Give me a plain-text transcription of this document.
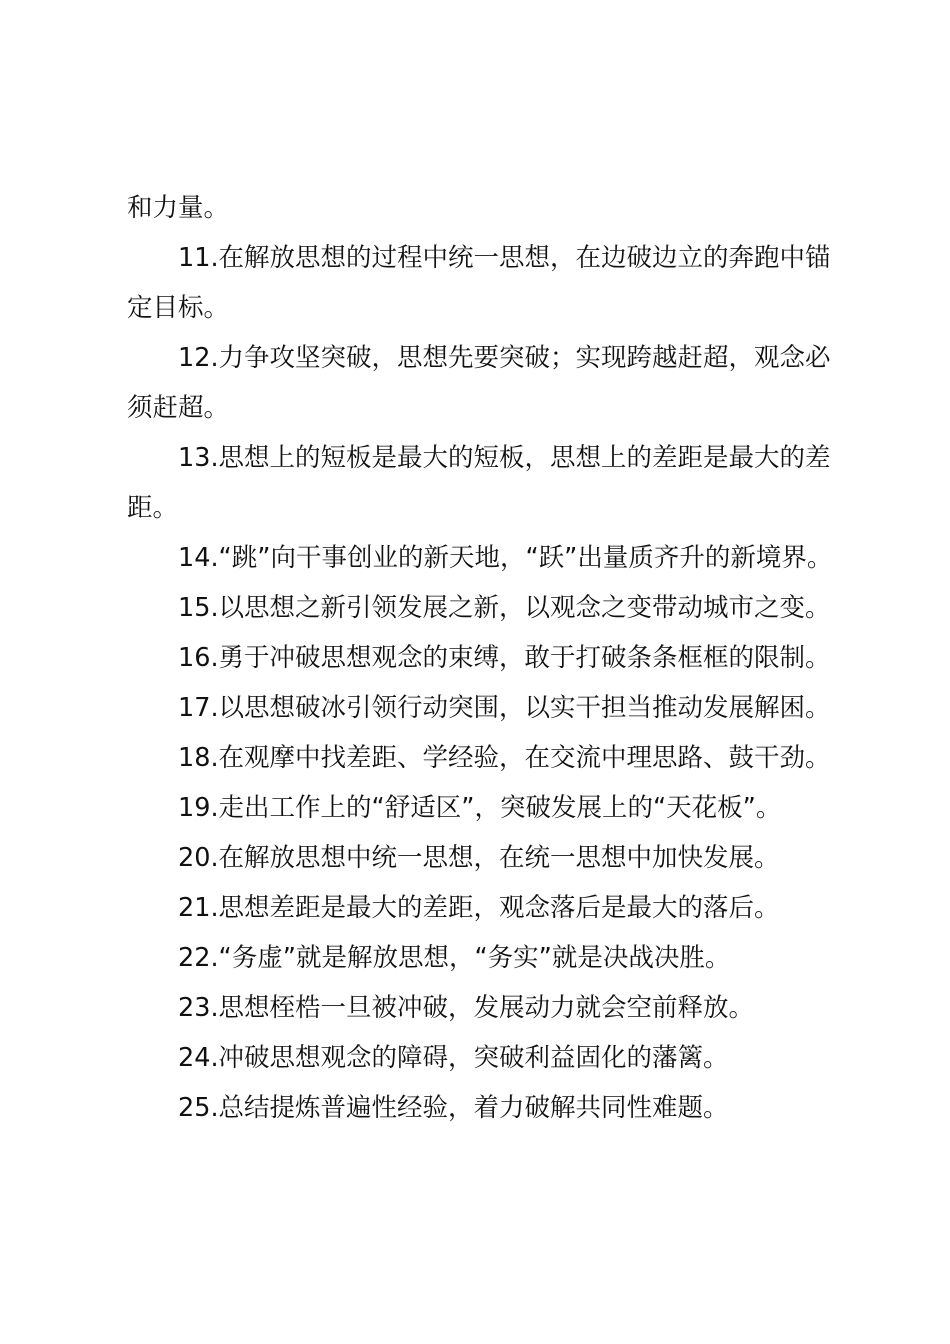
和力量。

11.在解放思想的过程中统一思想，在边破边立的奔跑中锚定目标。

12.力争攻坚突破，思想先要突破；实现跨越赶超，观念必须赶超。

13.思想上的短板是最大的短板，思想上的差距是最大的差距。

14.“跳”向干事创业的新天地，“跃”出量质齐升的新境界。

15.以思想之新引领发展之新，以观念之变带动城市之变。

16.勇于冲破思想观念的束缚，敢于打破条条框框的限制。

17.以思想破冰引领行动突围，以实干担当推动发展解困。

18.在观摩中找差距、学经验，在交流中理思路、鼓干劲。

19.走出工作上的“舒适区”，突破发展上的“天花板”。

20.在解放思想中统一思想，在统一思想中加快发展。

21.思想差距是最大的差距，观念落后是最大的落后。

22.“务虚”就是解放思想，“务实”就是决战决胜。

23.思想桎梏一旦被冲破，发展动力就会空前释放。

24.冲破思想观念的障碍，突破利益固化的藩篱。

25.总结提炼普遍性经验，着力破解共同性难题。
